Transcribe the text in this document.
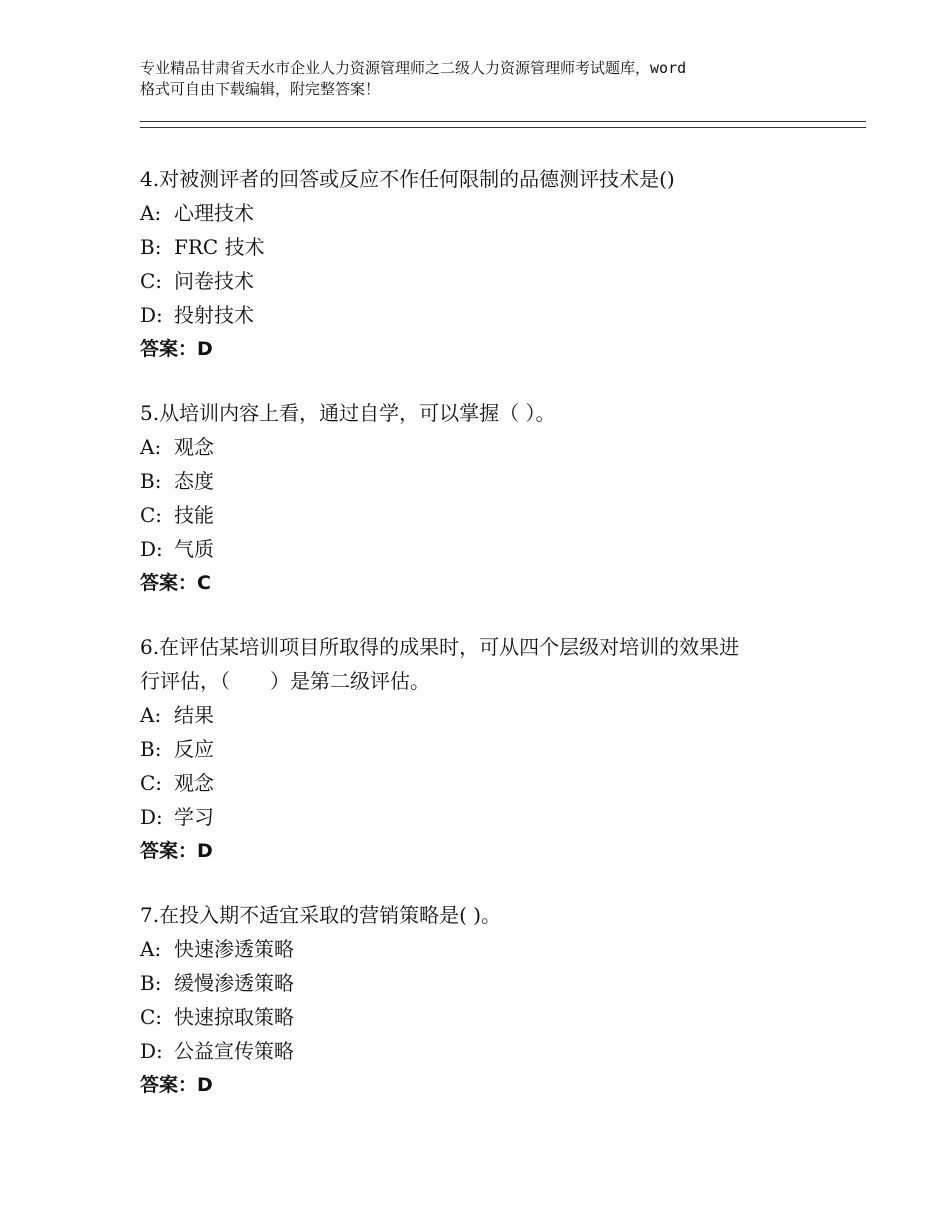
专业精品甘肃省天水市企业人力资源管理师之二级人力资源管理师考试题库，word
格式可自由下载编辑，附完整答案！
4.对被测评者的回答或反应不作任何限制的品德测评技术是()
A: 心理技术
B: FRC 技术
C: 问卷技术
D: 投射技术
答案：D
5.从培训内容上看，通过自学，可以掌握（ ）。
A: 观念
B: 态度
C: 技能
D: 气质
答案：C
6.在评估某培训项目所取得的成果时，可从四个层级对培训的效果进
行评估，（　　）是第二级评估。
A: 结果
B: 反应
C: 观念
D: 学习
答案：D
7.在投入期不适宜采取的营销策略是( )。
A: 快速渗透策略
B: 缓慢渗透策略
C: 快速掠取策略
D: 公益宣传策略
答案：D
